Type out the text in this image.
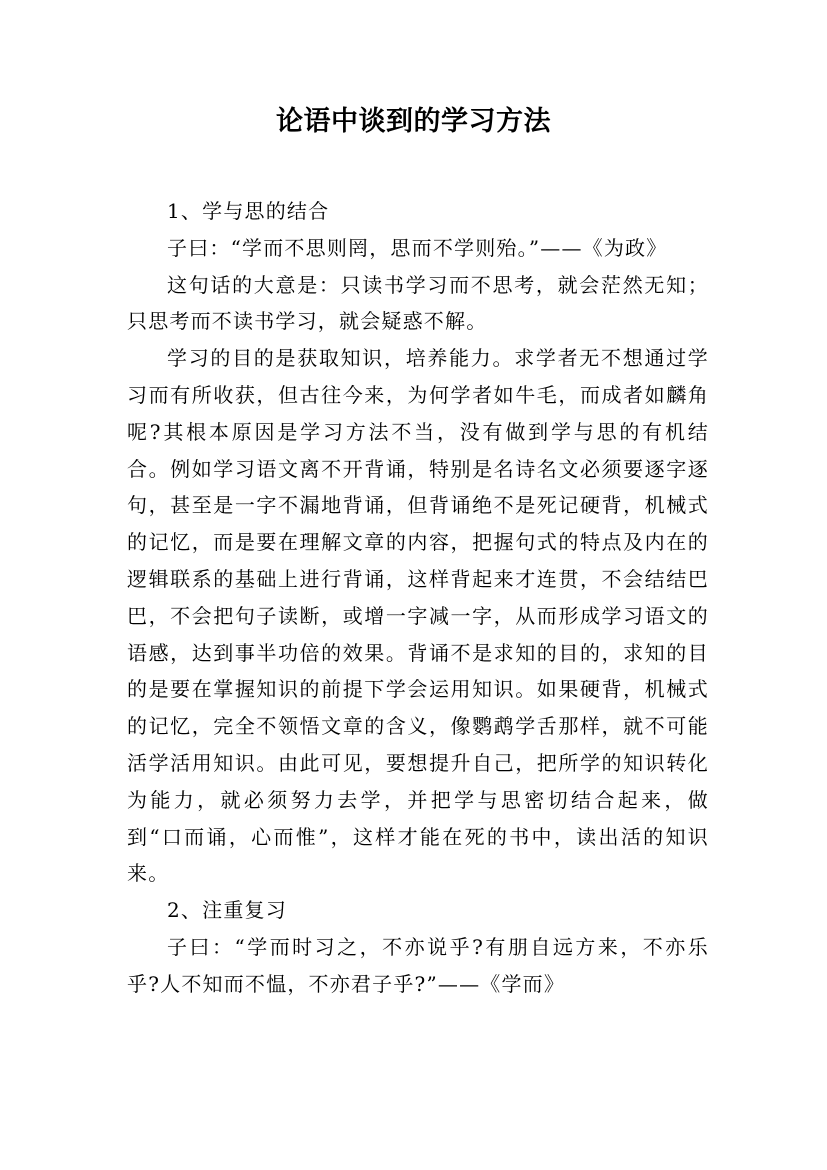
论语中谈到的学习方法

1、学与思的结合

子曰：“学而不思则罔，思而不学则殆。”——《为政》

这句话的大意是：只读书学习而不思考，就会茫然无知；只思考而不读书学习，就会疑惑不解。

学习的目的是获取知识，培养能力。求学者无不想通过学习而有所收获，但古往今来，为何学者如牛毛，而成者如麟角呢?其根本原因是学习方法不当，没有做到学与思的有机结合。例如学习语文离不开背诵，特别是名诗名文必须要逐字逐句，甚至是一字不漏地背诵，但背诵绝不是死记硬背，机械式的记忆，而是要在理解文章的内容，把握句式的特点及内在的逻辑联系的基础上进行背诵，这样背起来才连贯，不会结结巴巴，不会把句子读断，或增一字减一字，从而形成学习语文的语感，达到事半功倍的效果。背诵不是求知的目的，求知的目的是要在掌握知识的前提下学会运用知识。如果硬背，机械式的记忆，完全不领悟文章的含义，像鹦鹉学舌那样，就不可能活学活用知识。由此可见，要想提升自己，把所学的知识转化为能力，就必须努力去学，并把学与思密切结合起来，做到“口而诵，心而惟”，这样才能在死的书中，读出活的知识来。

2、注重复习

子曰：“学而时习之，不亦说乎?有朋自远方来，不亦乐乎?人不知而不愠，不亦君子乎?”——《学而》
